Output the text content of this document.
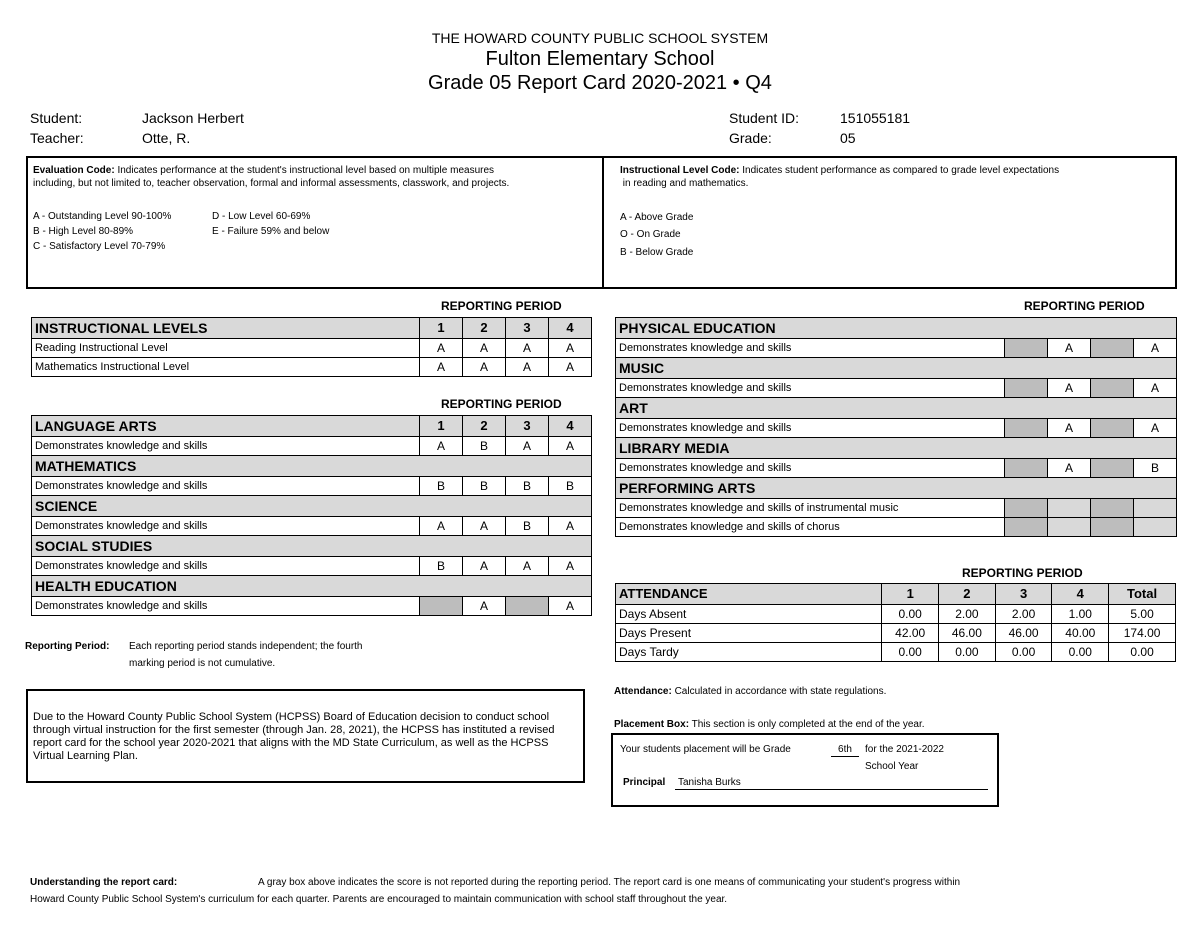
THE HOWARD COUNTY PUBLIC SCHOOL SYSTEM
Fulton Elementary School
Grade 05 Report Card 2020-2021 • Q4
Student:	Jackson Herbert
Teacher:	Otte, R.
Student ID:	151055181
Grade:	05
Evaluation Code: Indicates performance at the student's instructional level based on multiple measures
including, but not limited to, teacher observation, formal and informal assessments, classwork, and projects.
A - Outstanding Level 90-100%
B - High Level 80-89%
C - Satisfactory Level 70-79%
D - Low Level 60-69%
E - Failure 59% and below
Instructional Level Code: Indicates student performance as compared to grade level expectations
in reading and mathematics.
A - Above Grade
O - On Grade
B - Below Grade
REPORTING PERIOD	REPORTING PERIOD
REPORTING PERIOD
REPORTING PERIOD
INSTRUCTIONAL LEVELS	1	2	3	4
Reading Instructional Level	A	A	A	A
Mathematics Instructional Level	A	A	A	A
LANGUAGE ARTS	1	2	3	4
Demonstrates knowledge and skills	A	B	A	A
MATHEMATICS				
Demonstrates knowledge and skills	B	B	B	B
SCIENCE				
Demonstrates knowledge and skills	A	A	B	A
SOCIAL STUDIES				
Demonstrates knowledge and skills	B	A	A	A
HEALTH EDUCATION				
Demonstrates knowledge and skills		A		A
PHYSICAL EDUCATION				
Demonstrates knowledge and skills		A		A
MUSIC				
Demonstrates knowledge and skills		A		A
ART				
Demonstrates knowledge and skills		A		A
LIBRARY MEDIA				
Demonstrates knowledge and skills		A		B
PERFORMING ARTS				
Demonstrates knowledge and skills of instrumental music				
Demonstrates knowledge and skills of chorus				
ATTENDANCE	1	2	3	4	Total
Days Absent	0.00	2.00	2.00	1.00	5.00
Days Present	42.00	46.00	46.00	40.00	174.00
Days Tardy	0.00	0.00	0.00	0.00	0.00
Reporting Period: Each reporting period stands independent; the fourth
marking period is not cumulative.
Due to the Howard County Public School System (HCPSS) Board of Education decision to conduct school through virtual instruction for the first semester (through Jan. 28, 2021), the HCPSS has instituted a revised report card for the school year 2020-2021 that aligns with the MD State Curriculum, as well as the HCPSS Virtual Learning Plan.
Attendance: Calculated in accordance with state regulations.
Placement Box: This section is only completed at the end of the year.
Your students placement will be Grade	6th	for the 2021-2022
School Year
Principal	Tanisha Burks
Understanding the report card:	A gray box above indicates the score is not reported during the reporting period. The report card is one means of communicating your student's progress within
Howard County Public School System's curriculum for each quarter. Parents are encouraged to maintain communication with school staff throughout the year.
